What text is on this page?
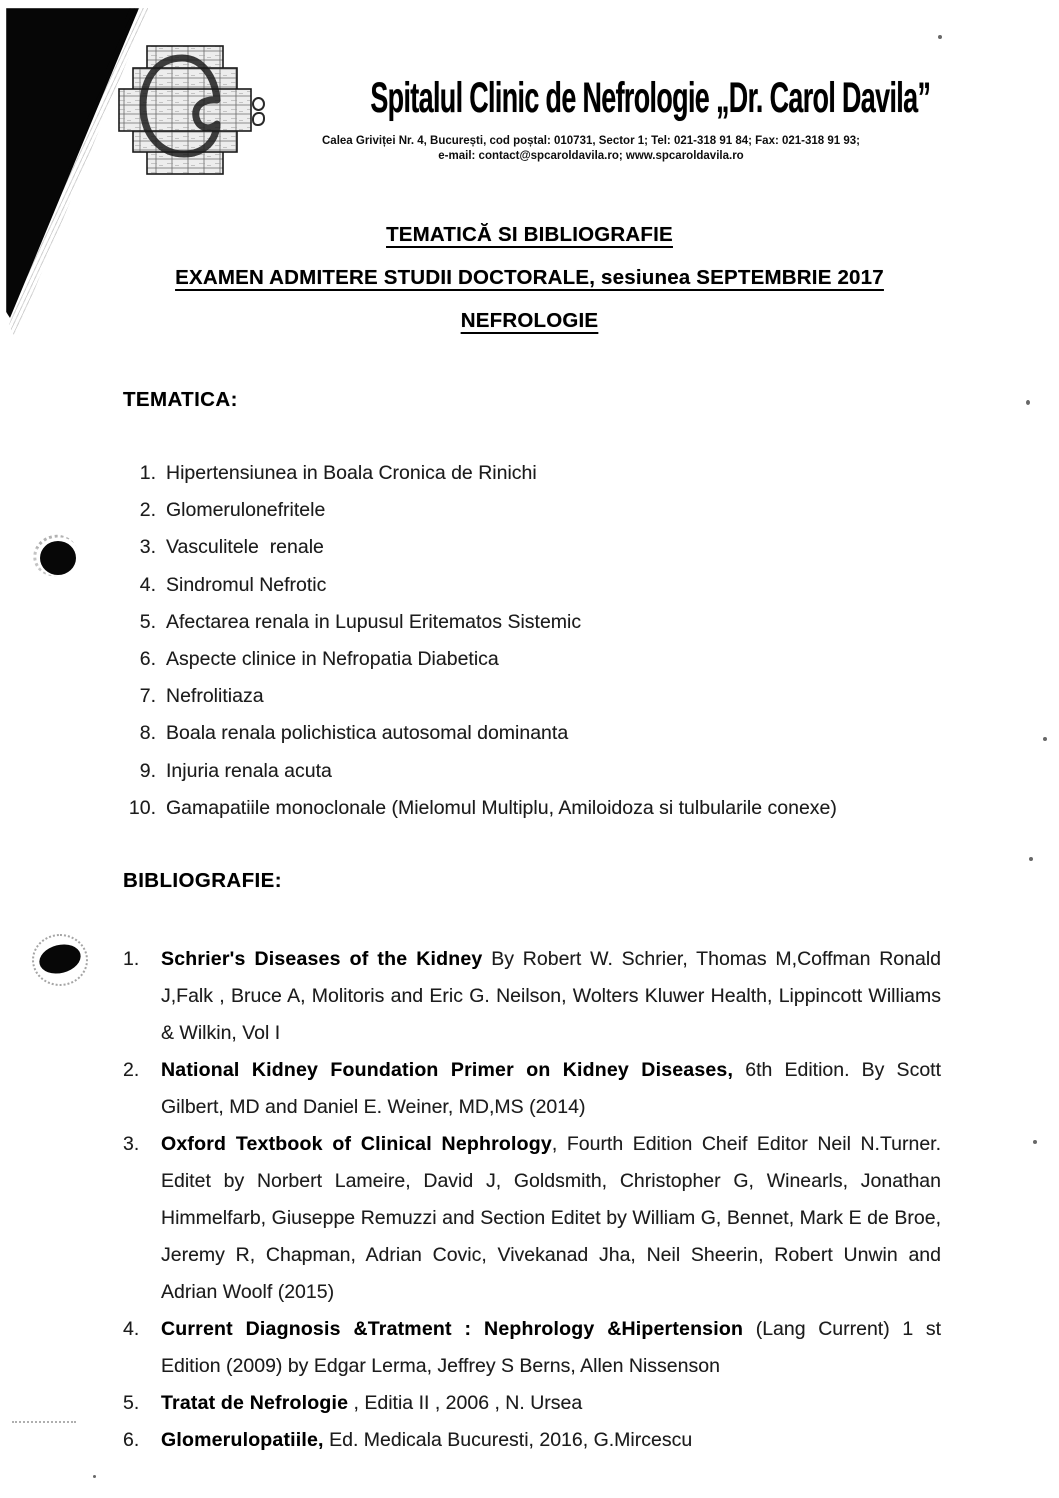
Spitalul Clinic de Nefrologie „Dr. Carol Davila”
Calea Griviței Nr. 4, București, cod poștal: 010731, Sector 1; Tel: 021-318 91 84; Fax: 021-318 91 93;
e-mail: contact@spcaroldavila.ro; www.spcaroldavila.ro
TEMATICĂ SI BIBLIOGRAFIE
EXAMEN ADMITERE STUDII DOCTORALE, sesiunea SEPTEMBRIE 2017
NEFROLOGIE
TEMATICA:
1. Hipertensiunea in Boala Cronica de Rinichi
2. Glomerulonefritele
3. Vasculitele  renale
4. Sindromul Nefrotic
5. Afectarea renala in Lupusul Eritematos Sistemic
6. Aspecte clinice in Nefropatia Diabetica
7. Nefrolitiaza
8. Boala renala polichistica autosomal dominanta
9. Injuria renala acuta
10. Gamapatiile monoclonale (Mielomul Multiplu, Amiloidoza si tulbularile conexe)
BIBLIOGRAFIE:
1.	Schrier's Diseases of the Kidney By Robert W. Schrier, Thomas M,Coffman Ronald J,Falk , Bruce A, Molitoris and Eric G. Neilson, Wolters Kluwer Health, Lippincott Williams & Wilkin, Vol I
2.	National Kidney Foundation Primer on Kidney Diseases, 6th Edition. By Scott Gilbert, MD and Daniel E. Weiner, MD,MS (2014)
3.	Oxford Textbook of Clinical Nephrology, Fourth Edition Cheif Editor Neil N.Turner. Editet by Norbert Lameire, David J, Goldsmith, Christopher G, Winearls, Jonathan Himmelfarb, Giuseppe Remuzzi and Section Editet by William G, Bennet, Mark E de Broe, Jeremy R, Chapman, Adrian Covic, Vivekanad Jha, Neil Sheerin, Robert Unwin and Adrian Woolf (2015)
4.	Current Diagnosis &Tratment : Nephrology &Hipertension (Lang Current) 1 st Edition (2009) by Edgar Lerma, Jeffrey S Berns, Allen Nissenson
5.	Tratat de Nefrologie , Editia II , 2006 , N. Ursea
6.	Glomerulopatiile, Ed. Medicala Bucuresti, 2016, G.Mircescu
